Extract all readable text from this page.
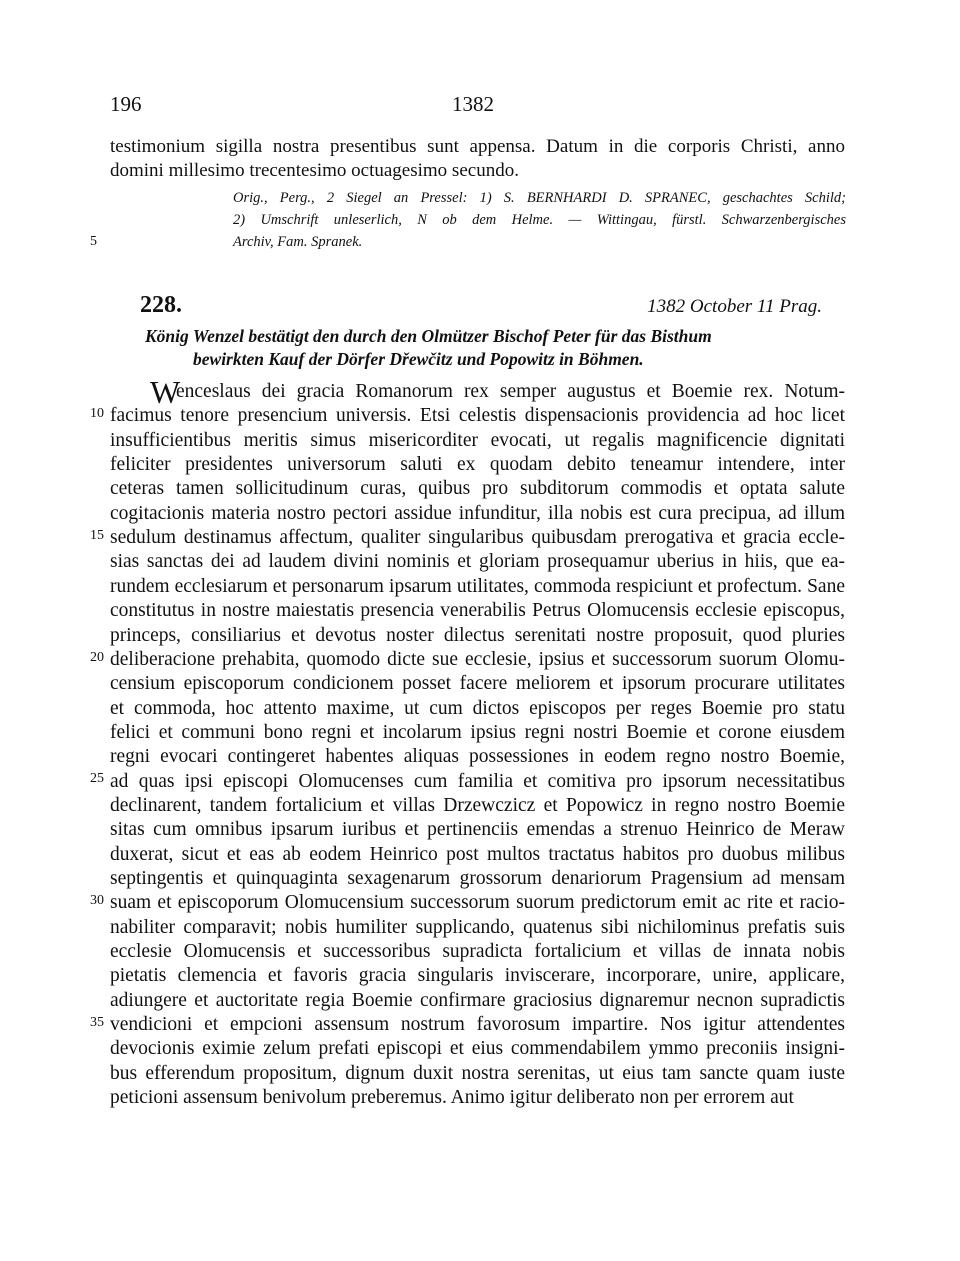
196	1382
testimonium sigilla nostra presentibus sunt appensa. Datum in die corporis Christi, anno
domini millesimo trecentesimo octuagesimo secundo.
Orig., Perg., 2 Siegel an Pressel: 1) S. BERNHARDI D. SPRANEC, geschachtes Schild;
2) Umschrift unleserlich, N ob dem Helme. — Wittingau, fürstl. Schwarzenbergisches
Archiv, Fam. Spranek.
228.	1382 October 11 Prag.
König Wenzel bestätigt den durch den Olmützer Bischof Peter für das Bisthum
bewirkten Kauf der Dörfer Dřewčitz und Popowitz in Böhmen.
W
enceslaus dei gracia Romanorum rex semper augustus et Boemie rex. Notum-
facimus tenore presencium universis. Etsi celestis dispensacionis providencia ad hoc licet
insufficientibus meritis simus misericorditer evocati, ut regalis magnificencie dignitati
feliciter presidentes universorum saluti ex quodam debito teneamur intendere, inter
ceteras tamen sollicitudinum curas, quibus pro subditorum commodis et optata salute
cogitacionis materia nostro pectori assidue infunditur, illa nobis est cura precipua, ad illum
sedulum destinamus affectum, qualiter singularibus quibusdam prerogativa et gracia eccle-
sias sanctas dei ad laudem divini nominis et gloriam prosequamur uberius in hiis, que ea-
rundem ecclesiarum et personarum ipsarum utilitates, commoda respiciunt et profectum. Sane
constitutus in nostre maiestatis presencia venerabilis Petrus Olomucensis ecclesie episcopus,
princeps, consiliarius et devotus noster dilectus serenitati nostre proposuit, quod pluries
deliberacione prehabita, quomodo dicte sue ecclesie, ipsius et successorum suorum Olomu-
censium episcoporum condicionem posset facere meliorem et ipsorum procurare utilitates
et commoda, hoc attento maxime, ut cum dictos episcopos per reges Boemie pro statu
felici et communi bono regni et incolarum ipsius regni nostri Boemie et corone eiusdem
regni evocari contingeret habentes aliquas possessiones in eodem regno nostro Boemie,
ad quas ipsi episcopi Olomucenses cum familia et comitiva pro ipsorum necessitatibus
declinarent, tandem fortalicium et villas Drzewczicz et Popowicz in regno nostro Boemie
sitas cum omnibus ipsarum iuribus et pertinenciis emendas a strenuo Heinrico de Meraw
duxerat, sicut et eas ab eodem Heinrico post multos tractatus habitos pro duobus milibus
septingentis et quinquaginta sexagenarum grossorum denariorum Pragensium ad mensam
suam et episcoporum Olomucensium successorum suorum predictorum emit ac rite et racio-
nabiliter comparavit; nobis humiliter supplicando, quatenus sibi nichilominus prefatis suis
ecclesie Olomucensis et successoribus supradicta fortalicium et villas de innata nobis
pietatis clemencia et favoris gracia singularis inviscerare, incorporare, unire, applicare,
adiungere et auctoritate regia Boemie confirmare graciosius dignaremur necnon supradictis
vendicioni et empcioni assensum nostrum favorosum impartire. Nos igitur attendentes
devocionis eximie zelum prefati episcopi et eius commendabilem ymmo preconiis insigni-
bus efferendum propositum, dignum duxit nostra serenitas, ut eius tam sancte quam iuste
peticioni assensum benivolum preberemus. Animo igitur deliberato non per errorem aut
5
10
15
20
25
30
35
